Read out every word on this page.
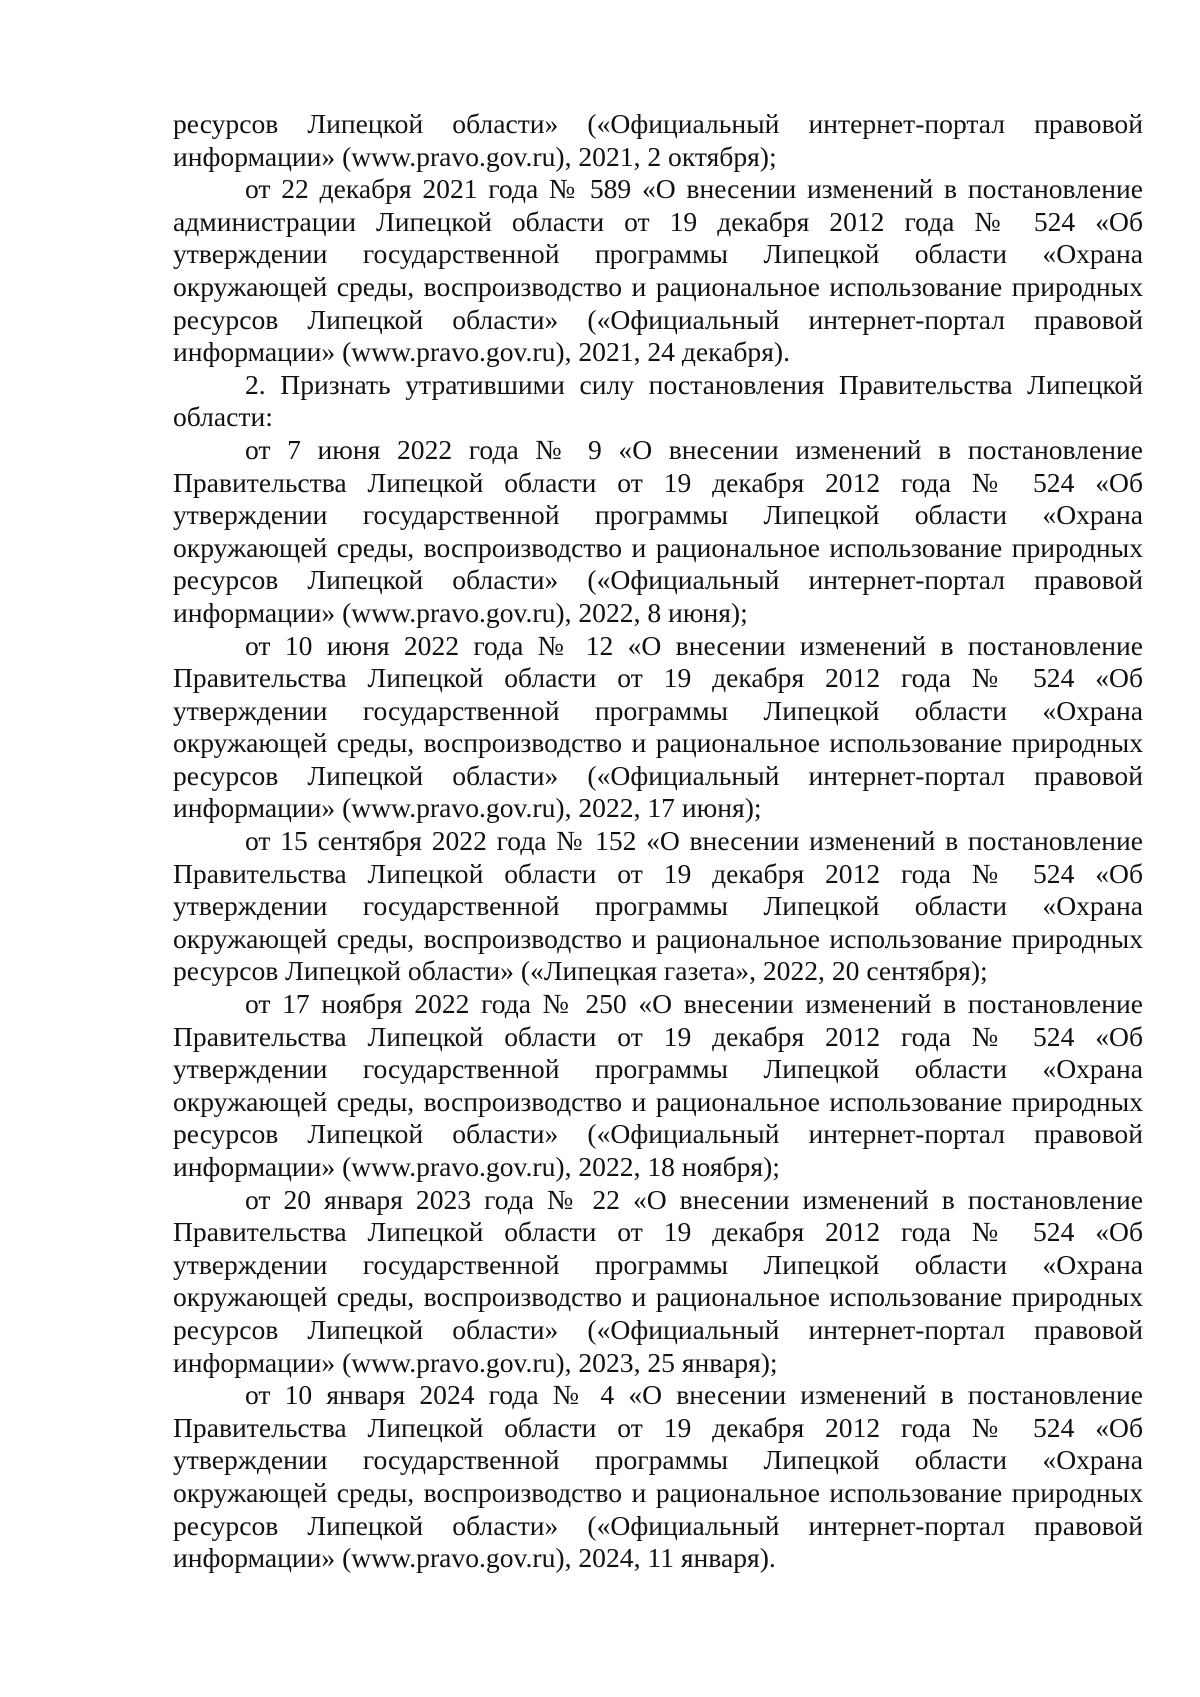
ресурсов Липецкой области» («Официальный интернет-портал правовой информации» (www.pravo.gov.ru), 2021, 2 октября);

от 22 декабря 2021 года № 589 «О внесении изменений в постановление администрации Липецкой области от 19 декабря 2012 года № 524 «Об утверждении государственной программы Липецкой области «Охрана окружающей среды, воспроизводство и рациональное использование природных ресурсов Липецкой области» («Официальный интернет-портал правовой информации» (www.pravo.gov.ru), 2021, 24 декабря).

2. Признать утратившими силу постановления Правительства Липецкой области:

от 7 июня 2022 года № 9 «О внесении изменений в постановление Правительства Липецкой области от 19 декабря 2012 года № 524 «Об утверждении государственной программы Липецкой области «Охрана окружающей среды, воспроизводство и рациональное использование природных ресурсов Липецкой области» («Официальный интернет-портал правовой информации» (www.pravo.gov.ru), 2022, 8 июня);

от 10 июня 2022 года № 12 «О внесении изменений в постановление Правительства Липецкой области от 19 декабря 2012 года № 524 «Об утверждении государственной программы Липецкой области «Охрана окружающей среды, воспроизводство и рациональное использование природных ресурсов Липецкой области» («Официальный интернет-портал правовой информации» (www.pravo.gov.ru), 2022, 17 июня);

от 15 сентября 2022 года № 152 «О внесении изменений в постановление Правительства Липецкой области от 19 декабря 2012 года № 524 «Об утверждении государственной программы Липецкой области «Охрана окружающей среды, воспроизводство и рациональное использование природных ресурсов Липецкой области» («Липецкая газета», 2022, 20 сентября);

от 17 ноября 2022 года № 250 «О внесении изменений в постановление Правительства Липецкой области от 19 декабря 2012 года № 524 «Об утверждении государственной программы Липецкой области «Охрана окружающей среды, воспроизводство и рациональное использование природных ресурсов Липецкой области» («Официальный интернет-портал правовой информации» (www.pravo.gov.ru), 2022, 18 ноября);

от 20 января 2023 года № 22 «О внесении изменений в постановление Правительства Липецкой области от 19 декабря 2012 года № 524 «Об утверждении государственной программы Липецкой области «Охрана окружающей среды, воспроизводство и рациональное использование природных ресурсов Липецкой области» («Официальный интернет-портал правовой информации» (www.pravo.gov.ru), 2023, 25 января);

от 10 января 2024 года № 4 «О внесении изменений в постановление Правительства Липецкой области от 19 декабря 2012 года № 524 «Об утверждении государственной программы Липецкой области «Охрана окружающей среды, воспроизводство и рациональное использование природных ресурсов Липецкой области» («Официальный интернет-портал правовой информации» (www.pravo.gov.ru), 2024, 11 января).
